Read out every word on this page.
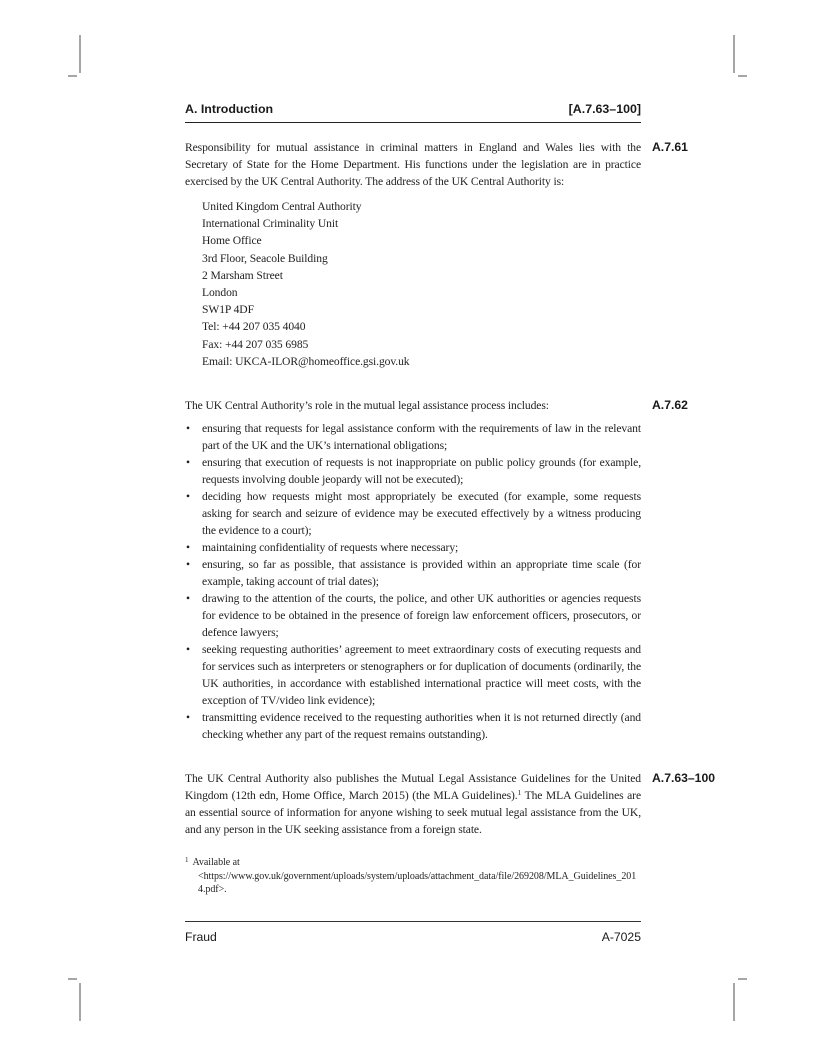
A. Introduction	[A.7.63–100]

Responsibility for mutual assistance in criminal matters in England and Wales lies with the Secretary of State for the Home Department. His functions under the legislation are in practice exercised by the UK Central Authority. The address of the UK Central Authority is:

A.7.61
United Kingdom Central Authority
International Criminality Unit
Home Office
3rd Floor, Seacole Building
2 Marsham Street
London
SW1P 4DF
Tel: +44 207 035 4040
Fax: +44 207 035 6985
Email: UKCA-ILOR@homeoffice.gsi.gov.uk

The UK Central Authority’s role in the mutual legal assistance process includes:	A.7.62
• ensuring that requests for legal assistance conform with the requirements of law in the relevant part of the UK and the UK’s international obligations;
• ensuring that execution of requests is not inappropriate on public policy grounds (for example, requests involving double jeopardy will not be executed);
• deciding how requests might most appropriately be executed (for example, some requests asking for search and seizure of evidence may be executed effectively by a witness producing the evidence to a court);
• maintaining confidentiality of requests where necessary;
• ensuring, so far as possible, that assistance is provided within an appropriate time scale (for example, taking account of trial dates);
• drawing to the attention of the courts, the police, and other UK authorities or agencies requests for evidence to be obtained in the presence of foreign law enforcement officers, prosecutors, or defence lawyers;
• seeking requesting authorities’ agreement to meet extraordinary costs of executing requests and for services such as interpreters or stenographers or for duplication of documents (ordinarily, the UK authorities, in accordance with established international practice will meet costs, with the exception of TV/video link evidence);
• transmitting evidence received to the requesting authorities when it is not returned directly (and checking whether any part of the request remains outstanding).

The UK Central Authority also publishes the Mutual Legal Assistance Guidelines for the United Kingdom (12th edn, Home Office, March 2015) (the MLA Guidelines).$^1$ The MLA Guidelines are an essential source of information for anyone wishing to seek mutual legal assistance from the UK, and any person in the UK seeking assistance from a foreign state.

A.7.63–100

$^1$ Available at <https://www.gov.uk/government/uploads/system/uploads/attachment_data/file/269208/MLA_Guidelines_2014.pdf>.

Fraud	A-7025
